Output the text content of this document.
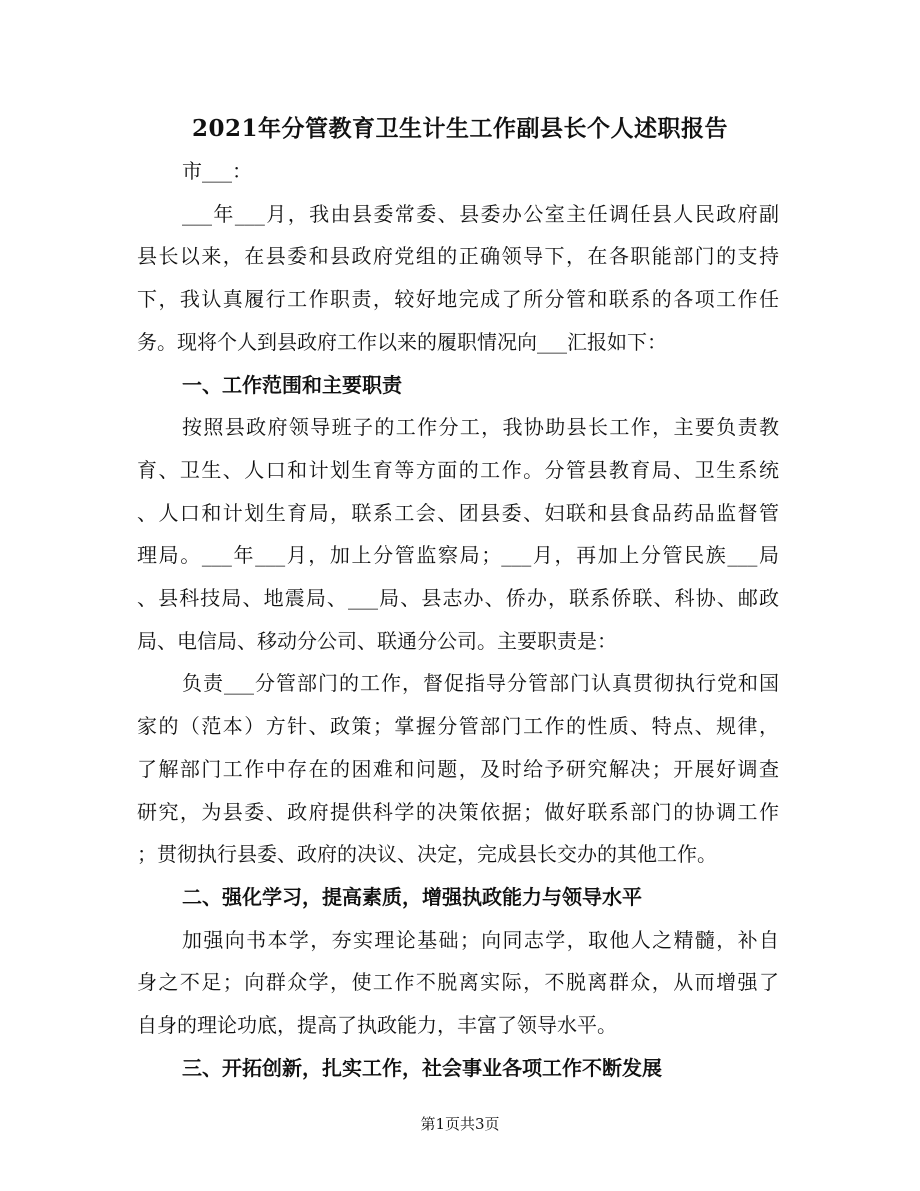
2021年分管教育卫生计生工作副县长个人述职报告
市___：
___年___月，我由县委常委、县委办公室主任调任县人民政府副
县长以来，在县委和县政府党组的正确领导下，在各职能部门的支持
下，我认真履行工作职责，较好地完成了所分管和联系的各项工作任
务。现将个人到县政府工作以来的履职情况向___汇报如下：
一、工作范围和主要职责
按照县政府领导班子的工作分工，我协助县长工作，主要负责教
育、卫生、人口和计划生育等方面的工作。分管县教育局、卫生系统
、人口和计划生育局，联系工会、团县委、妇联和县食品药品监督管
理局。___年___月，加上分管监察局；___月，再加上分管民族___局
、县科技局、地震局、___局、县志办、侨办，联系侨联、科协、邮政
局、电信局、移动分公司、联通分公司。主要职责是：
负责___分管部门的工作，督促指导分管部门认真贯彻执行党和国
家的（范本）方针、政策；掌握分管部门工作的性质、特点、规律，
了解部门工作中存在的困难和问题，及时给予研究解决；开展好调查
研究，为县委、政府提供科学的决策依据；做好联系部门的协调工作
；贯彻执行县委、政府的决议、决定，完成县长交办的其他工作。
二、强化学习，提高素质，增强执政能力与领导水平
加强向书本学，夯实理论基础；向同志学，取他人之精髓，补自
身之不足；向群众学，使工作不脱离实际，不脱离群众，从而增强了
自身的理论功底，提高了执政能力，丰富了领导水平。
三、开拓创新，扎实工作，社会事业各项工作不断发展
第1页共3页
